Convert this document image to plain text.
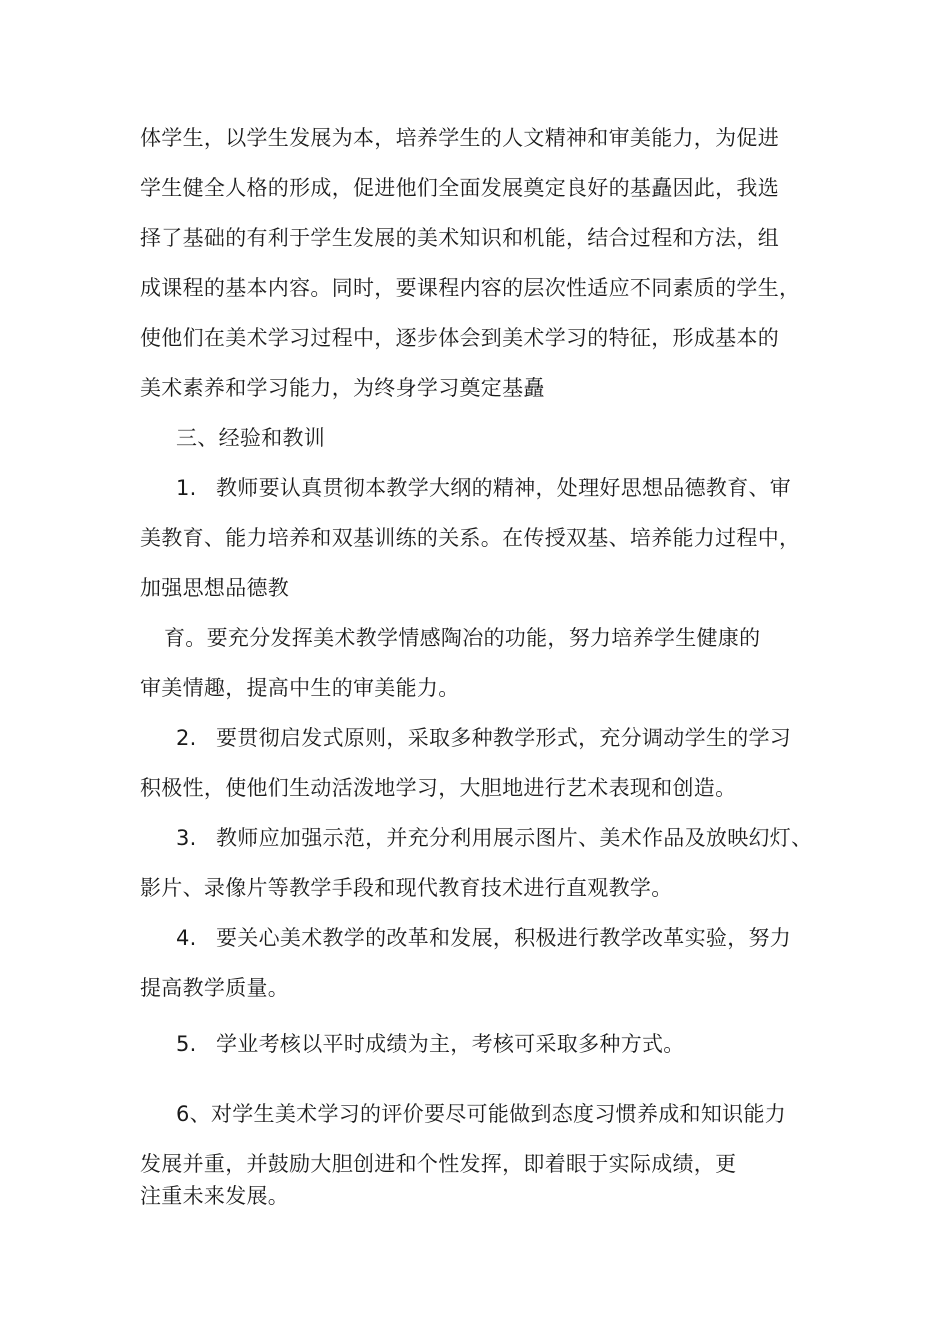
体学生，以学生发展为本，培养学生的人文精神和审美能力，为促进
学生健全人格的形成，促进他们全面发展奠定良好的基矗因此，我选
择了基础的有利于学生发展的美术知识和机能，结合过程和方法，组
成课程的基本内容。同时，要课程内容的层次性适应不同素质的学生，
使他们在美术学习过程中，逐步体会到美术学习的特征，形成基本的
美术素养和学习能力，为终身学习奠定基矗
三、经验和教训
1. 教师要认真贯彻本教学大纲的精神，处理好思想品德教育、审
美教育、能力培养和双基训练的关系。在传授双基、培养能力过程中，
加强思想品德教
育。要充分发挥美术教学情感陶冶的功能，努力培养学生健康的
审美情趣，提高中生的审美能力。
2. 要贯彻启发式原则，采取多种教学形式，充分调动学生的学习
积极性，使他们生动活泼地学习，大胆地进行艺术表现和创造。
3. 教师应加强示范，并充分利用展示图片、美术作品及放映幻灯、
影片、录像片等教学手段和现代教育技术进行直观教学。
4. 要关心美术教学的改革和发展，积极进行教学改革实验，努力
提高教学质量。
5. 学业考核以平时成绩为主，考核可采取多种方式。
6、对学生美术学习的评价要尽可能做到态度习惯养成和知识能力
发展并重，并鼓励大胆创进和个性发挥，即着眼于实际成绩，更
注重未来发展。
